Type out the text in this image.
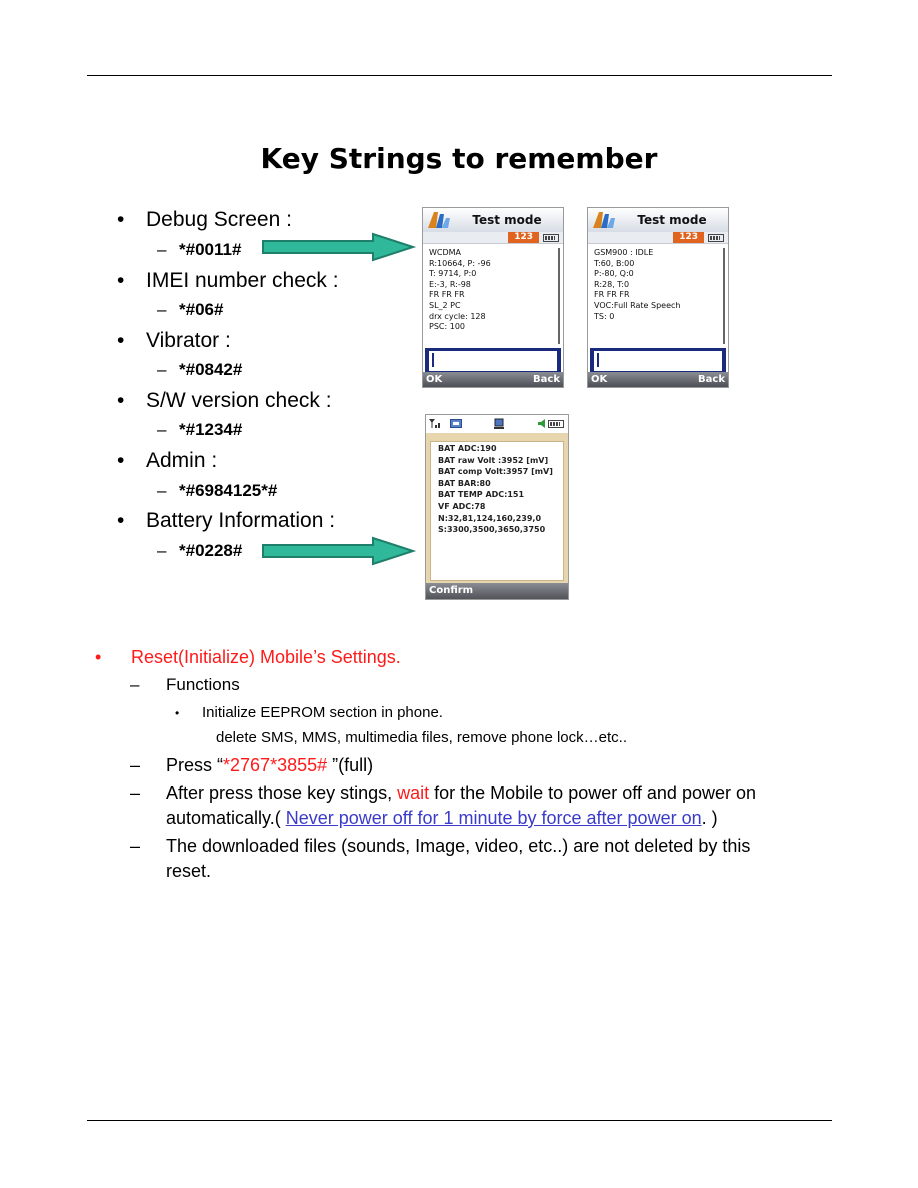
Key Strings to remember
• Debug Screen :
– *#0011#
• IMEI number check :
– *#06#
• Vibrator :
– *#0842#
• S/W version check :
– *#1234#
• Admin :
– *#6984125*#
• Battery Information :
– *#0228#
Test mode
123
WCDMA
R:10664, P: -96
T: 9714, P:0
E:-3, R:-98
FR FR FR
SL_2 PC
drx cycle: 128
PSC: 100
OK	Back
Test mode
123
GSM900 : IDLE
T:60, B:00
P:-80, Q:0
R:28, T:0
FR FR FR
VOC:Full Rate Speech
TS: 0
OK	Back
BAT ADC:190
BAT raw Volt :3952 [mV]
BAT comp Volt:3957 [mV]
BAT BAR:80
BAT TEMP ADC:151
VF ADC:78
N:32,81,124,160,239,0
S:3300,3500,3650,3750
Confirm
• Reset(Initialize) Mobile’s Settings.
– Functions
• Initialize EEPROM section in phone.
delete SMS, MMS, multimedia files, remove phone lock…etc..
– Press “*2767*3855# ”(full)
– After press those key stings, wait for the Mobile to power off and power on
automatically.( Never power off for 1 minute by force after power on. )
– The downloaded files (sounds, Image, video, etc..) are not deleted by this
reset.
